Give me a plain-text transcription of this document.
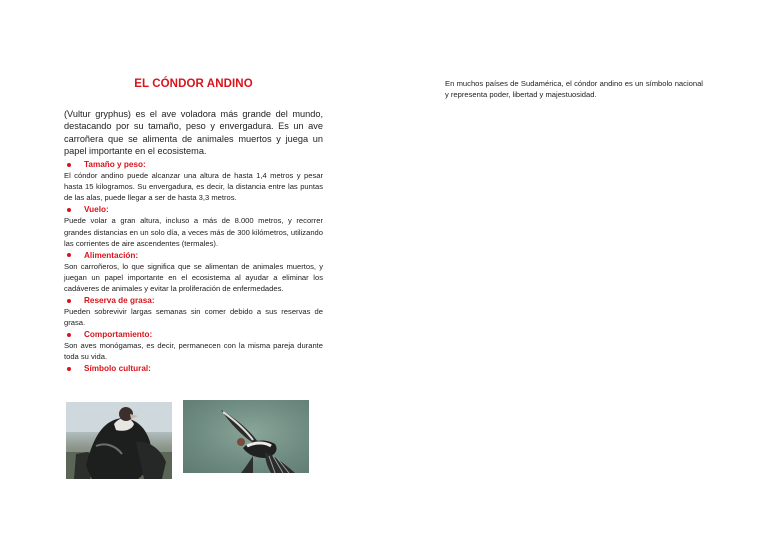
EL CÓNDOR ANDINO

(Vultur gryphus) es el ave voladora más grande del mundo, destacando por su tamaño, peso y envergadura. Es un ave carroñera que se alimenta de animales muertos y juega un papel importante en el ecosistema.

Tamaño y peso:

El cóndor andino puede alcanzar una altura de hasta 1,4 metros y pesar hasta 15 kilogramos. Su envergadura, es decir, la distancia entre las puntas de las alas, puede llegar a ser de hasta 3,3 metros.

Vuelo:

Puede volar a gran altura, incluso a más de 8.000 metros, y recorrer grandes distancias en un solo día, a veces más de 300 kilómetros, utilizando las corrientes de aire ascendentes (termales).

Alimentación:

Son carroñeros, lo que significa que se alimentan de animales muertos, y juegan un papel importante en el ecosistema al ayudar a eliminar los cadáveres de animales y evitar la proliferación de enfermedades.

Reserva de grasa:

Pueden sobrevivir largas semanas sin comer debido a sus reservas de grasa.

Comportamiento:

Son aves monógamas, es decir, permanecen con la misma pareja durante toda su vida.

Símbolo cultural:

En muchos países de Sudamérica, el cóndor andino es un símbolo nacional y representa poder, libertad y majestuosidad.
